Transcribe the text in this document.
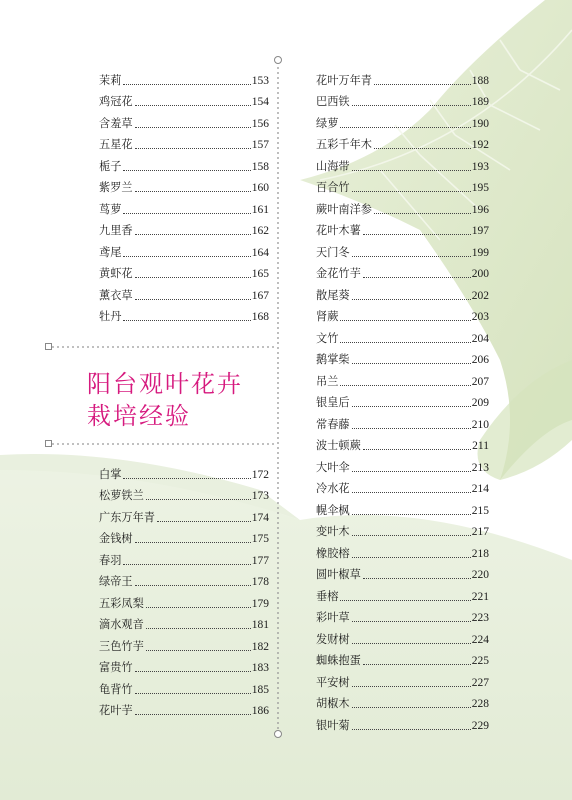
阳台观叶花卉
栽培经验
茉莉	153
鸡冠花	154
含羞草	156
五星花	157
栀子	158
紫罗兰	160
茑萝	161
九里香	162
鸢尾	164
黄虾花	165
薰衣草	167
牡丹	168
白掌	172
松萝铁兰	173
广东万年青	174
金钱树	175
春羽	177
绿帝王	178
五彩凤梨	179
滴水观音	181
三色竹芋	182
富贵竹	183
龟背竹	185
花叶芋	186
花叶万年青	188
巴西铁	189
绿萝	190
五彩千年木	192
山海带	193
百合竹	195
蕨叶南洋参	196
花叶木薯	197
天门冬	199
金花竹芋	200
散尾葵	202
肾蕨	203
文竹	204
鹅掌柴	206
吊兰	207
银皇后	209
常春藤	210
波士顿蕨	211
大叶伞	213
冷水花	214
幌伞枫	215
变叶木	217
橡胶榕	218
圆叶椒草	220
垂榕	221
彩叶草	223
发财树	224
蜘蛛抱蛋	225
平安树	227
胡椒木	228
银叶菊	229
